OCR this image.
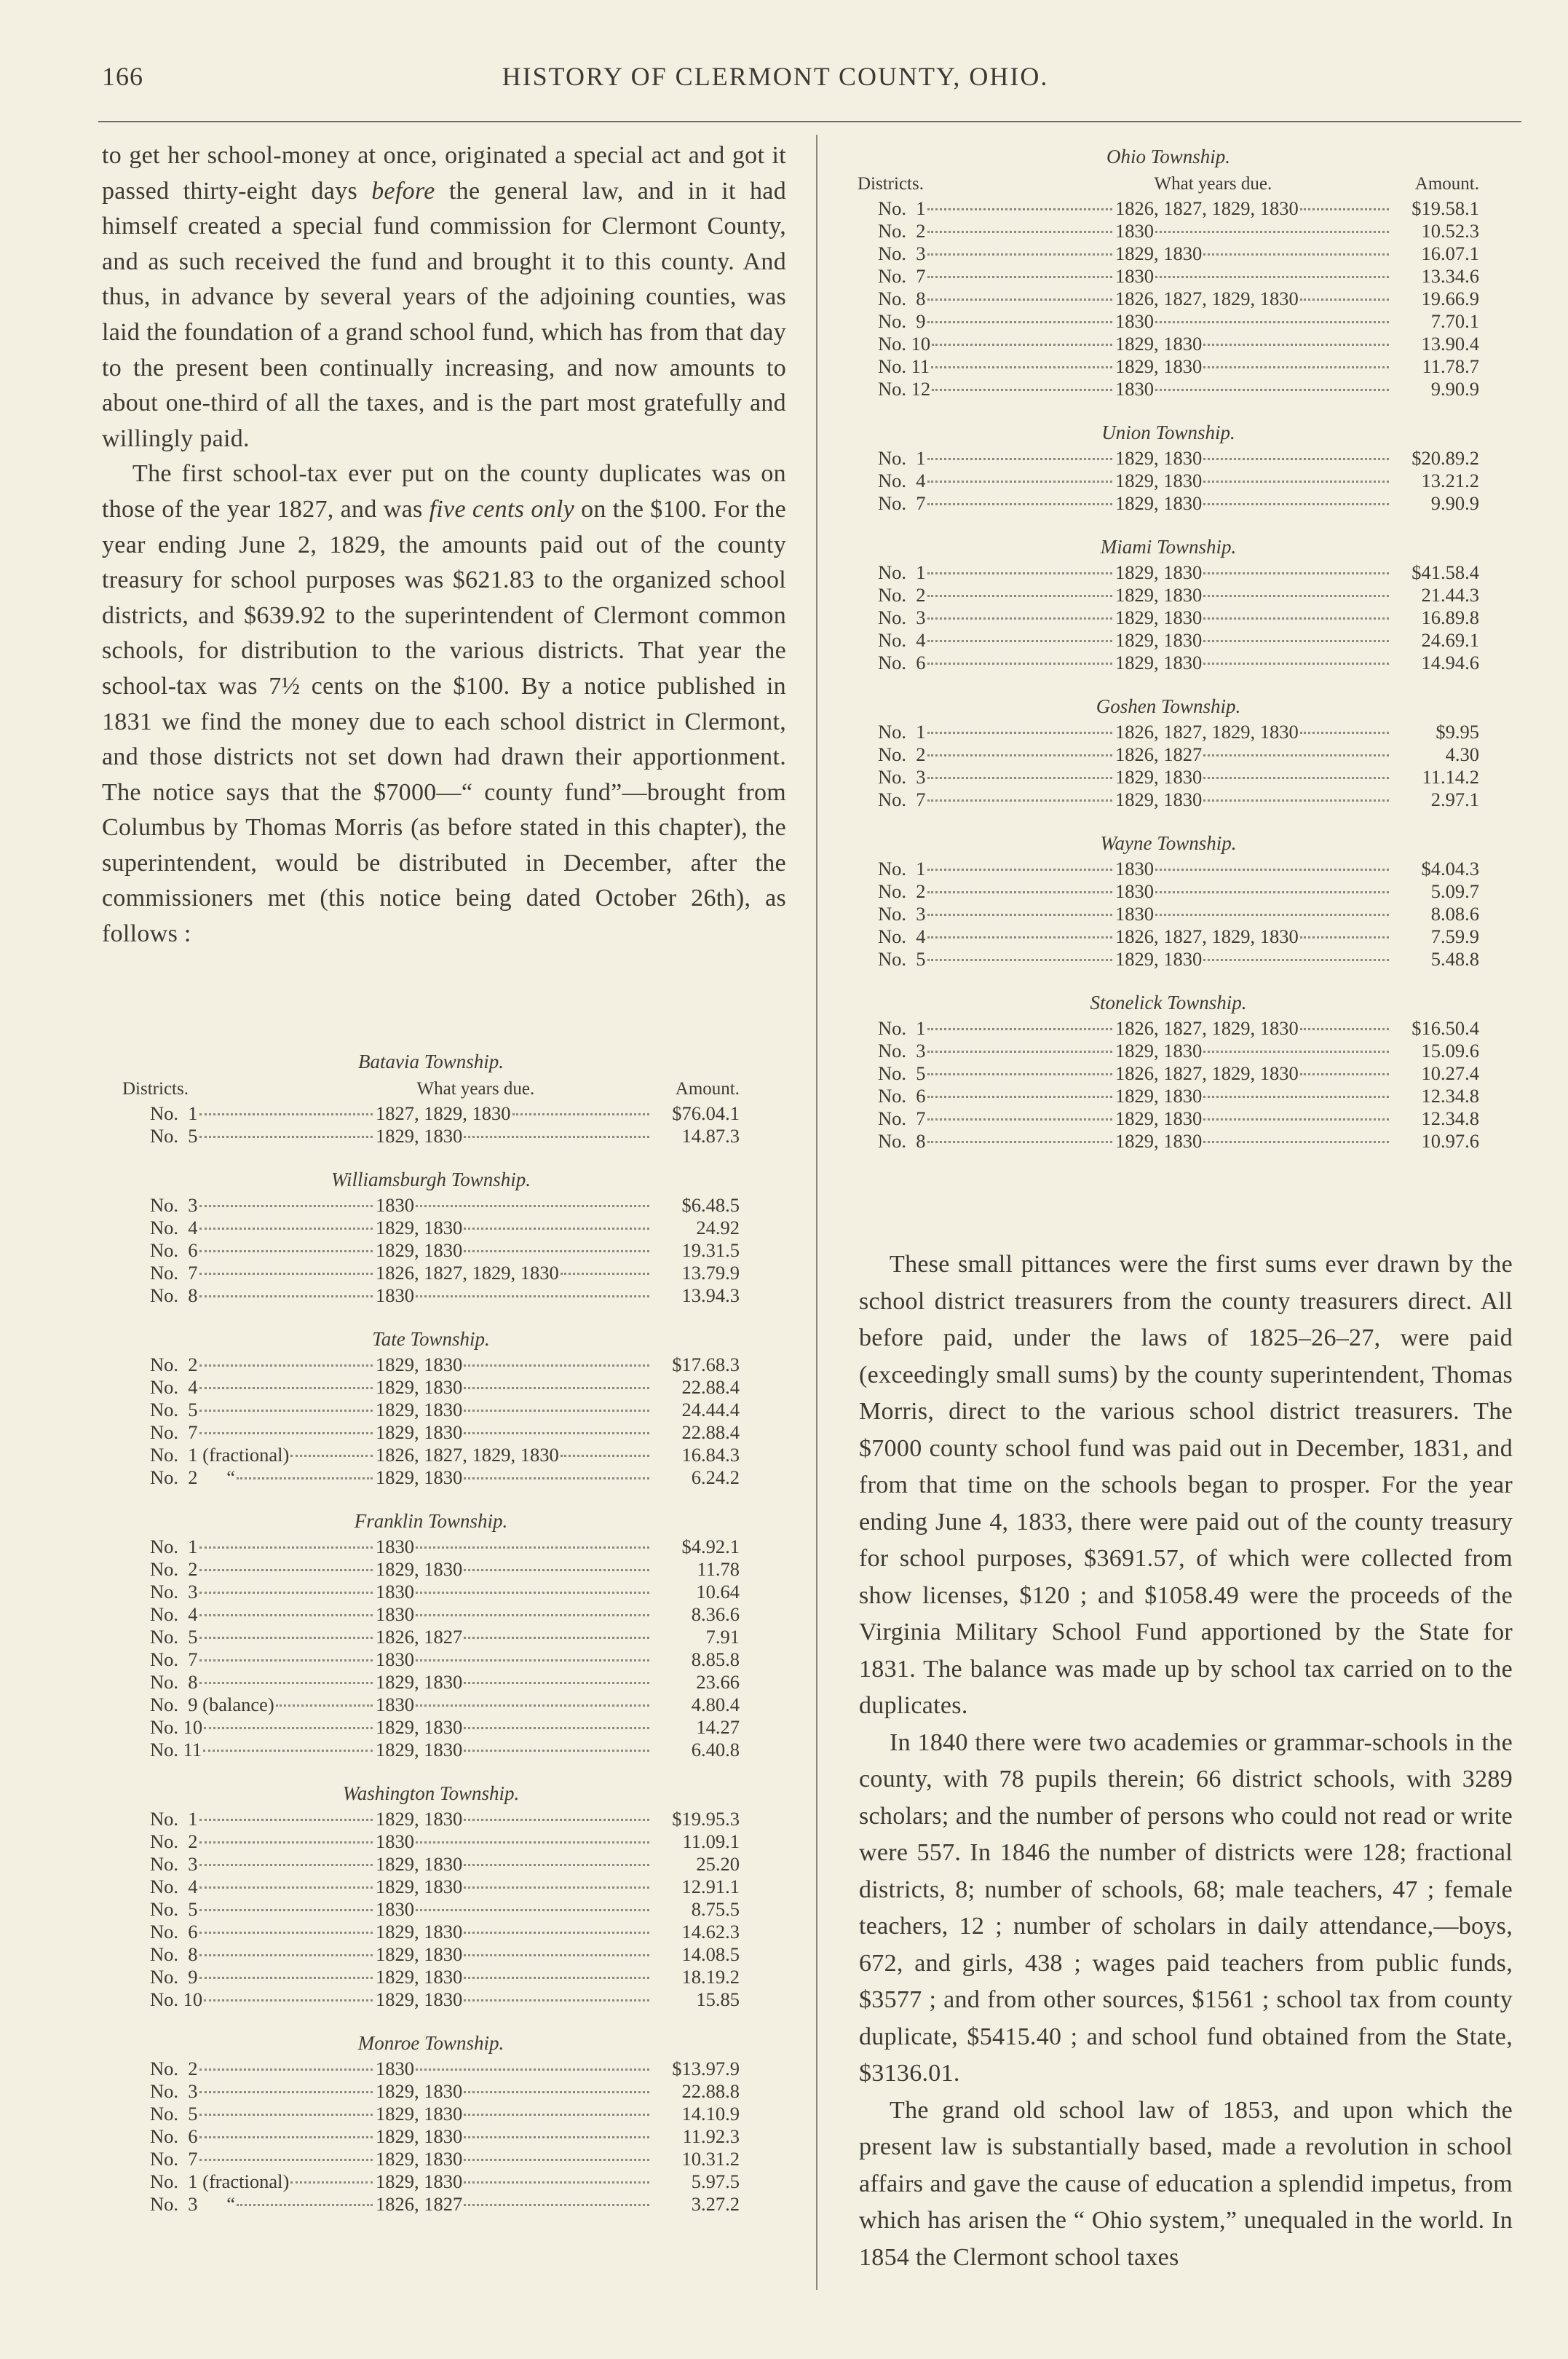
166	HISTORY OF CLERMONT COUNTY, OHIO.

to get her school-money at once, originated a special act and got it passed thirty-eight days before the general law, and in it had himself created a special fund commission for Clermont County, and as such received the fund and brought it to this county. And thus, in advance by several years of the adjoining counties, was laid the foundation of a grand school fund, which has from that day to the present been continually increasing, and now amounts to about one-third of all the taxes, and is the part most gratefully and willingly paid.

The first school-tax ever put on the county duplicates was on those of the year 1827, and was five cents only on the $100. For the year ending June 2, 1829, the amounts paid out of the county treasury for school purposes was $621.83 to the organized school districts, and $639.92 to the superintendent of Clermont common schools, for distribution to the various districts. That year the school-tax was 7½ cents on the $100. By a notice published in 1831 we find the money due to each school district in Clermont, and those districts not set down had drawn their apportionment. The notice says that the $7000—“ county fund”—brought from Columbus by Thomas Morris (as before stated in this chapter), the superintendent, would be distributed in December, after the commissioners met (this notice being dated October 26th), as follows :

Batavia Township.
Districts.	What years due.	Amount.
No.  1	1827, 1829, 1830	$76.04.1
No.  5	1829, 1830	14.87.3
Williamsburgh Township.
No.  3	1830	$6.48.5
No.  4	1829, 1830	24.92
No.  6	1829, 1830	19.31.5
No.  7	1826, 1827, 1829, 1830	13.79.9
No.  8	1830	13.94.3
Tate Township.
No.  2	1829, 1830	$17.68.3
No.  4	1829, 1830	22.88.4
No.  5	1829, 1830	24.44.4
No.  7	1829, 1830	22.88.4
No.  1 (fractional)	1826, 1827, 1829, 1830	16.84.3
No.  2      “	1829, 1830	6.24.2
Franklin Township.
No.  1	1830	$4.92.1
No.  2	1829, 1830	11.78
No.  3	1830	10.64
No.  4	1830	8.36.6
No.  5	1826, 1827	7.91
No.  7	1830	8.85.8
No.  8	1829, 1830	23.66
No.  9 (balance)	1830	4.80.4
No. 10	1829, 1830	14.27
No. 11	1829, 1830	6.40.8
Washington Township.
No.  1	1829, 1830	$19.95.3
No.  2	1830	11.09.1
No.  3	1829, 1830	25.20
No.  4	1829, 1830	12.91.1
No.  5	1830	8.75.5
No.  6	1829, 1830	14.62.3
No.  8	1829, 1830	14.08.5
No.  9	1829, 1830	18.19.2
No. 10	1829, 1830	15.85
Monroe Township.
No.  2	1830	$13.97.9
No.  3	1829, 1830	22.88.8
No.  5	1829, 1830	14.10.9
No.  6	1829, 1830	11.92.3
No.  7	1829, 1830	10.31.2
No.  1 (fractional)	1829, 1830	5.97.5
No.  3      “	1826, 1827	3.27.2
Ohio Township.
Districts.	What years due.	Amount.
No.  1	1826, 1827, 1829, 1830	$19.58.1
No.  2	1830	10.52.3
No.  3	1829, 1830	16.07.1
No.  7	1830	13.34.6
No.  8	1826, 1827, 1829, 1830	19.66.9
No.  9	1830	7.70.1
No. 10	1829, 1830	13.90.4
No. 11	1829, 1830	11.78.7
No. 12	1830	9.90.9
Union Township.
No.  1	1829, 1830	$20.89.2
No.  4	1829, 1830	13.21.2
No.  7	1829, 1830	9.90.9
Miami Township.
No.  1	1829, 1830	$41.58.4
No.  2	1829, 1830	21.44.3
No.  3	1829, 1830	16.89.8
No.  4	1829, 1830	24.69.1
No.  6	1829, 1830	14.94.6
Goshen Township.
No.  1	1826, 1827, 1829, 1830	$9.95
No.  2	1826, 1827	4.30
No.  3	1829, 1830	11.14.2
No.  7	1829, 1830	2.97.1
Wayne Township.
No.  1	1830	$4.04.3
No.  2	1830	5.09.7
No.  3	1830	8.08.6
No.  4	1826, 1827, 1829, 1830	7.59.9
No.  5	1829, 1830	5.48.8
Stonelick Township.
No.  1	1826, 1827, 1829, 1830	$16.50.4
No.  3	1829, 1830	15.09.6
No.  5	1826, 1827, 1829, 1830	10.27.4
No.  6	1829, 1830	12.34.8
No.  7	1829, 1830	12.34.8
No.  8	1829, 1830	10.97.6

These small pittances were the first sums ever drawn by the school district treasurers from the county treasurers direct. All before paid, under the laws of 1825–26–27, were paid (exceedingly small sums) by the county superintendent, Thomas Morris, direct to the various school district treasurers. The $7000 county school fund was paid out in December, 1831, and from that time on the schools began to prosper. For the year ending June 4, 1833, there were paid out of the county treasury for school purposes, $3691.57, of which were collected from show licenses, $120 ; and $1058.49 were the proceeds of the Virginia Military School Fund apportioned by the State for 1831. The balance was made up by school tax carried on to the duplicates.

In 1840 there were two academies or grammar-schools in the county, with 78 pupils therein; 66 district schools, with 3289 scholars; and the number of persons who could not read or write were 557. In 1846 the number of districts were 128; fractional districts, 8; number of schools, 68; male teachers, 47 ; female teachers, 12 ; number of scholars in daily attendance,—boys, 672, and girls, 438 ; wages paid teachers from public funds, $3577 ; and from other sources, $1561 ; school tax from county duplicate, $5415.40 ; and school fund obtained from the State, $3136.01.

The grand old school law of 1853, and upon which the present law is substantially based, made a revolution in school affairs and gave the cause of education a splendid impetus, from which has arisen the “ Ohio system,” unequaled in the world. In 1854 the Clermont school taxes
